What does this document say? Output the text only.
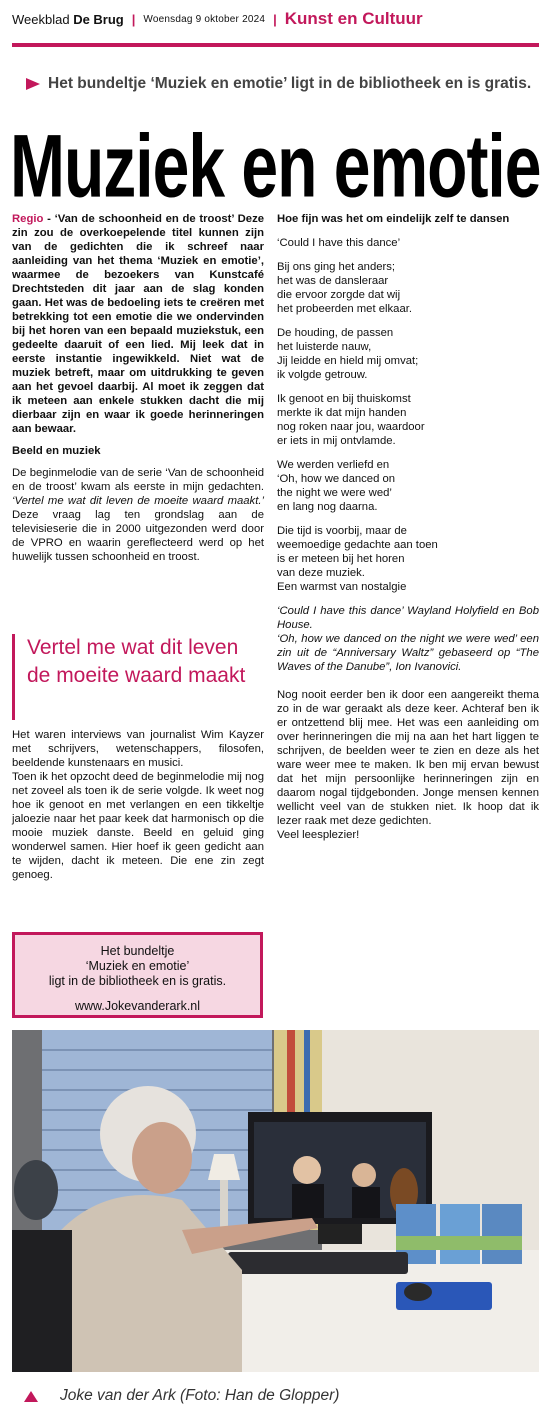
Weekblad De Brug | Woensdag 9 oktober 2024 | Kunst en Cultuur
Het bundeltje ‘Muziek en emotie’ ligt in de bibliotheek en is gratis.
Muziek en emotie

Regio - ‘Van de schoonheid en de troost’ Deze zin zou de overkoepelende titel kunnen zijn van de gedichten die ik schreef naar aanleiding van het thema ‘Muziek en emotie’, waarmee de bezoekers van Kunstcafé Drechtsteden dit jaar aan de slag konden gaan. Het was de bedoeling iets te creëren met betrekking tot een emotie die we ondervinden bij het horen van een bepaald muziekstuk, een gedeelte daaruit of een lied. Mij leek dat in eerste instantie ingewikkeld. Niet wat de muziek betreft, maar om uitdrukking te geven aan het gevoel daarbij. Al moet ik zeggen dat ik meteen aan enkele stukken dacht die mij dierbaar zijn en waar ik goede herinneringen aan bewaar.

Beeld en muziek

De beginmelodie van de serie ‘Van de schoonheid en de troost’ kwam als eerste in mijn gedachten. ‘Vertel me wat dit leven de moeite waard maakt.’ Deze vraag lag ten grondslag aan de televisieserie die in 2000 uitgezonden werd door de VPRO en waarin gereflecteerd werd op het huwelijk tussen schoonheid en troost.

Vertel me wat dit leven de moeite waard maakt

Het waren interviews van journalist Wim Kayzer met schrijvers, wetenschappers, filosofen, beeldende kunstenaars en musici.

Toen ik het opzocht deed de beginmelodie mij nog net zoveel als toen ik de serie volgde. Ik weet nog hoe ik genoot en met verlangen en een tikkeltje jaloezie naar het paar keek dat harmonisch op die mooie muziek danste. Beeld en geluid ging wonderwel samen. Hier hoef ik geen gedicht aan te wijden, dacht ik meteen. Die ene zin zegt genoeg.

Het bundeltje
‘Muziek en emotie’
ligt in de bibliotheek en is gratis.
www.Jokevanderark.nl

Hoe fijn was het om eindelijk zelf te dansen

‘Could I have this dance’

Bij ons ging het anders;
het was de dansleraar
die ervoor zorgde dat wij
het probeerden met elkaar.

De houding, de passen
het luisterde nauw,
Jij leidde en hield mij omvat;
ik volgde getrouw.

Ik genoot en bij thuiskomst
merkte ik dat mijn handen
nog roken naar jou, waardoor
er iets in mij ontvlamde.

We werden verliefd en
‘Oh, how we danced on
the night we were wed’
en lang nog daarna.

Die tijd is voorbij, maar de
weemoedige gedachte aan toen
is er meteen bij het horen
van deze muziek.
Een warmst van nostalgie

‘Could I have this dance’ Wayland Holyfield en Bob House.

‘Oh, how we danced on the night we were wed’ een zin uit de “Anniversary Waltz” gebaseerd op “The Waves of the Danube”, Ion Ivanovici.

Nog nooit eerder ben ik door een aangereikt thema zo in de war geraakt als deze keer. Achteraf ben ik er ontzettend blij mee. Het was een aanleiding om over herinneringen die mij na aan het hart liggen te schrijven, de beelden weer te zien en deze als het ware weer mee te maken. Ik ben mij ervan bewust dat het mijn persoonlijke herinneringen zijn en daarom nogal tijdgebonden. Jonge mensen kennen wellicht veel van de stukken niet. Ik hoop dat ik lezer raak met deze gedichten.

Veel leesplezier!

Joke van der Ark (Foto: Han de Glopper)
